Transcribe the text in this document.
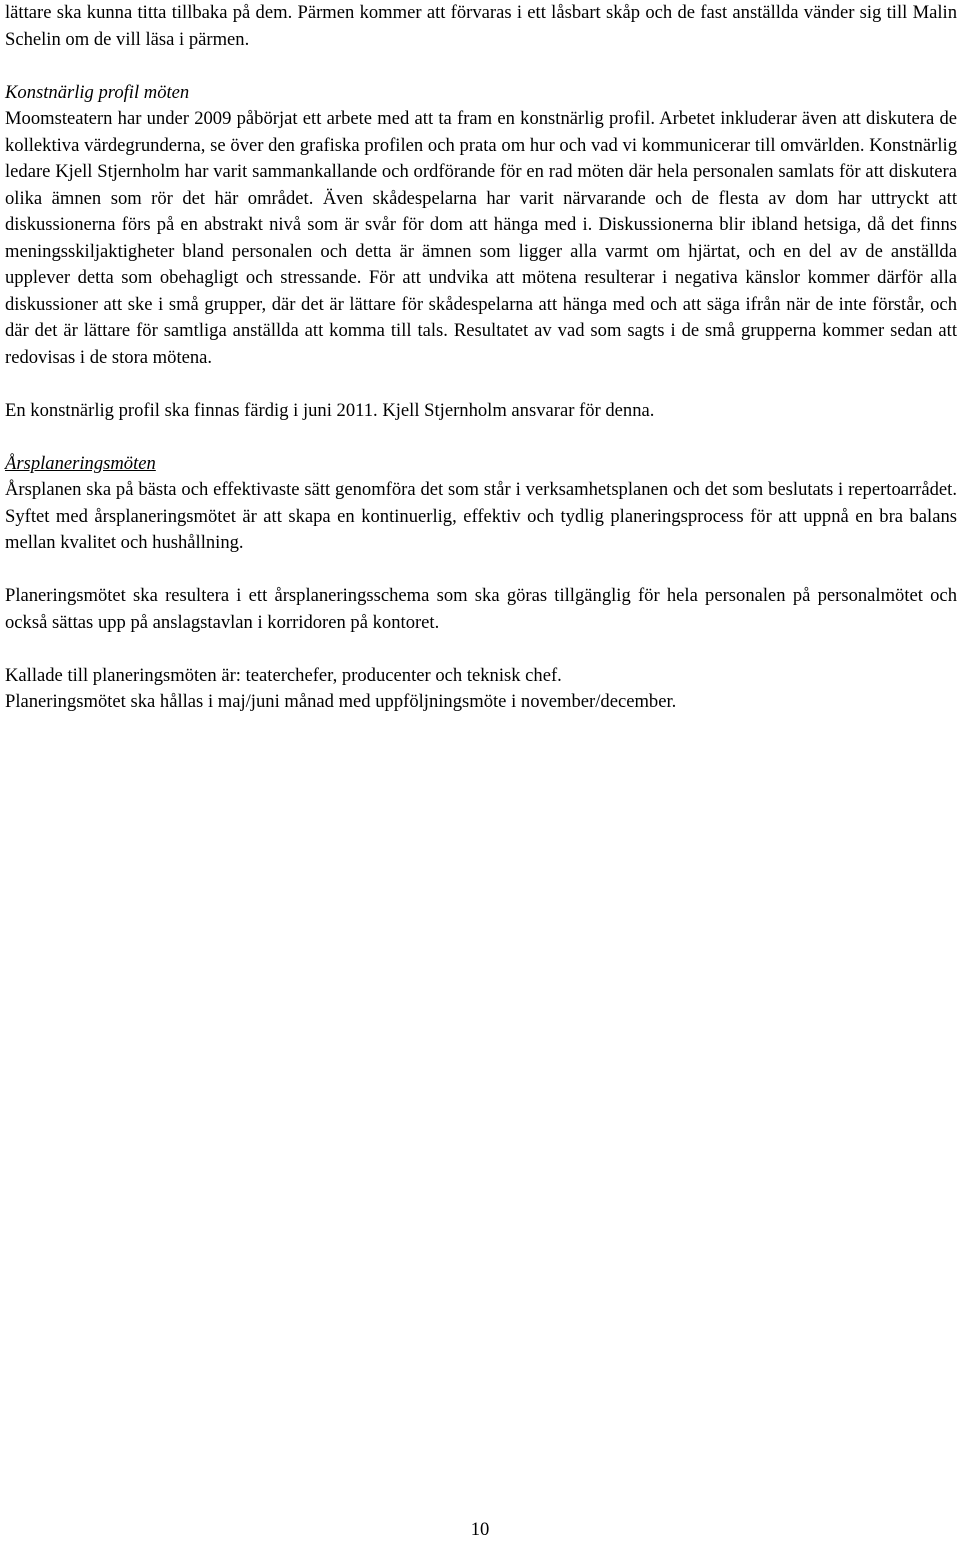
lättare ska kunna titta tillbaka på dem. Pärmen kommer att förvaras i ett låsbart skåp och de fast anställda vänder sig till Malin Schelin om de vill läsa i pärmen.

Konstnärlig profil möten

Moomsteatern har under 2009 påbörjat ett arbete med att ta fram en konstnärlig profil. Arbetet inkluderar även att diskutera de kollektiva värdegrunderna, se över den grafiska profilen och prata om hur och vad vi kommunicerar till omvärlden. Konstnärlig ledare Kjell Stjernholm har varit sammankallande och ordförande för en rad möten där hela personalen samlats för att diskutera olika ämnen som rör det här området. Även skådespelarna har varit närvarande och de flesta av dom har uttryckt att diskussionerna förs på en abstrakt nivå som är svår för dom att hänga med i. Diskussionerna blir ibland hetsiga, då det finns meningsskiljaktigheter bland personalen och detta är ämnen som ligger alla varmt om hjärtat, och en del av de anställda upplever detta som obehagligt och stressande. För att undvika att mötena resulterar i negativa känslor kommer därför alla diskussioner att ske i små grupper, där det är lättare för skådespelarna att hänga med och att säga ifrån när de inte förstår, och där det är lättare för samtliga anställda att komma till tals. Resultatet av vad som sagts i de små grupperna kommer sedan att redovisas i de stora mötena.

En konstnärlig profil ska finnas färdig i juni 2011. Kjell Stjernholm ansvarar för denna.

Årsplaneringsmöten

Årsplanen ska på bästa och effektivaste sätt genomföra det som står i verksamhetsplanen och det som beslutats i repertoarrådet. Syftet med årsplaneringsmötet är att skapa en kontinuerlig, effektiv och tydlig planeringsprocess för att uppnå en bra balans mellan kvalitet och hushållning.

Planeringsmötet ska resultera i ett årsplaneringsschema som ska göras tillgänglig för hela personalen på personalmötet och också sättas upp på anslagstavlan i korridoren på kontoret.

Kallade till planeringsmöten är: teaterchefer, producenter och teknisk chef.

Planeringsmötet ska hållas i maj/juni månad med uppföljningsmöte i november/december.

10
